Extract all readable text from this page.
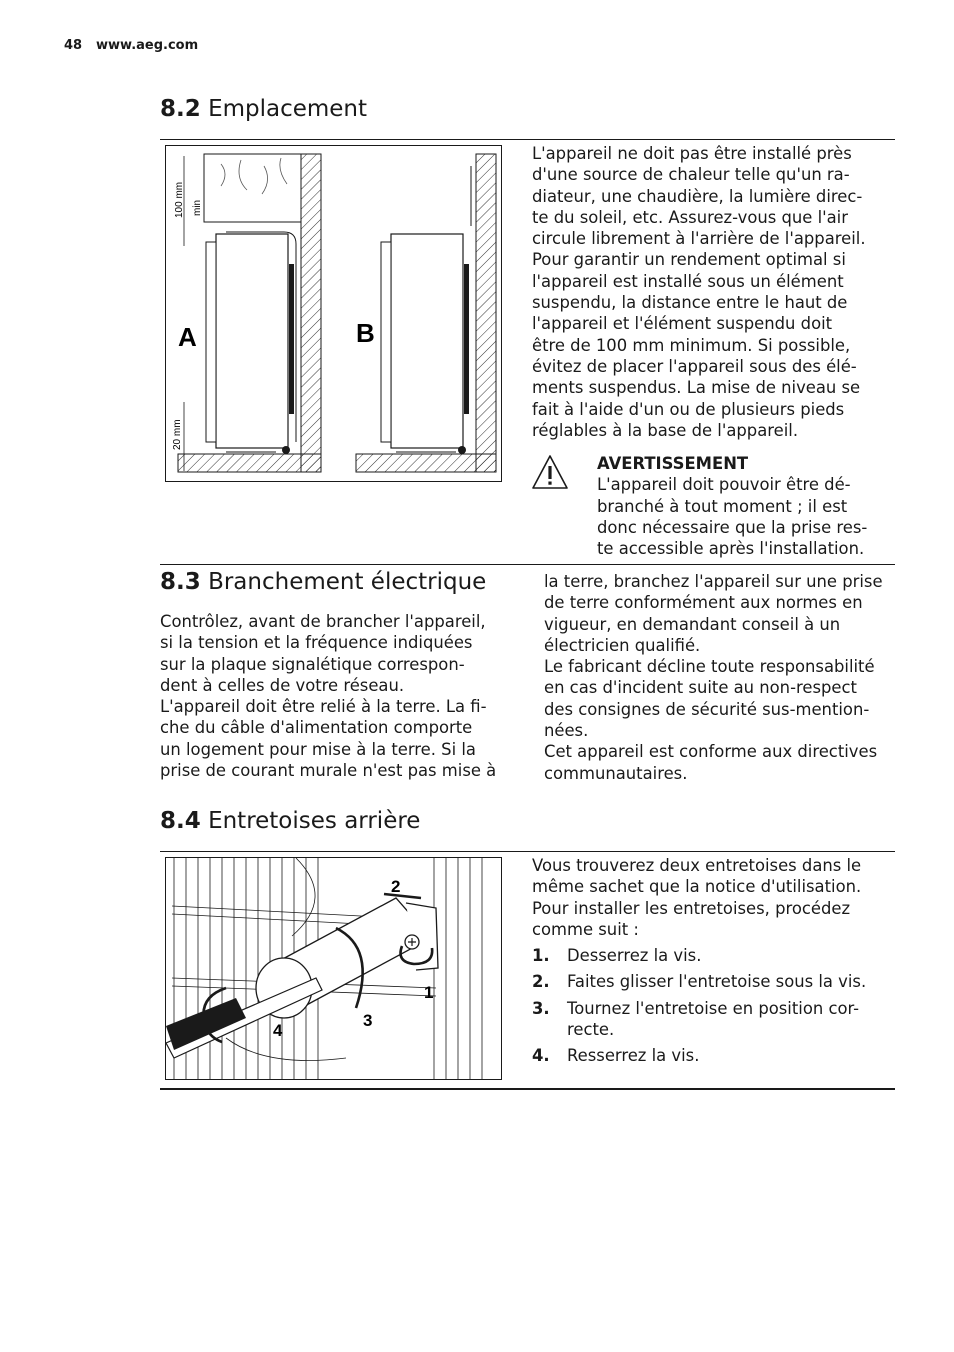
48 www.aeg.com
8.2 Emplacement
A	B
100 mm min
20 mm

L'appareil ne doit pas être installé près

d'une source de chaleur telle qu'un ra-

diateur, une chaudière, la lumière direc-

te du soleil, etc. Assurez-vous que l'air

circule librement à l'arrière de l'appareil.

Pour garantir un rendement optimal si

l'appareil est installé sous un élément

suspendu, la distance entre le haut de

l'appareil et l'élément suspendu doit

être de 100 mm minimum. Si possible,

évitez de placer l'appareil sous des élé-

ments suspendus. La mise de niveau se

fait à l'aide d'un ou de plusieurs pieds

réglables à la base de l'appareil.

AVERTISSEMENT

L'appareil doit pouvoir être dé-

branché à tout moment ; il est

donc nécessaire que la prise res-

te accessible après l'installation.

8.3 Branchement électrique

Contrôlez, avant de brancher l'appareil,

si la tension et la fréquence indiquées

sur la plaque signalétique correspon-

dent à celles de votre réseau.

L'appareil doit être relié à la terre. La fi-

che du câble d'alimentation comporte

un logement pour mise à la terre. Si la

prise de courant murale n'est pas mise à

la terre, branchez l'appareil sur une prise

de terre conformément aux normes en

vigueur, en demandant conseil à un

électricien qualifié.

Le fabricant décline toute responsabilité

en cas d'incident suite au non-respect

des consignes de sécurité sus-mention-

nées.

Cet appareil est conforme aux directives

communautaires.

8.4 Entretoises arrière
1
2
3
4

Vous trouverez deux entretoises dans le

même sachet que la notice d'utilisation.

Pour installer les entretoises, procédez

comme suit :

1. Desserrez la vis.
2. Faites glisser l'entretoise sous la vis.
3. Tournez l'entretoise en position cor-
recte.
4. Resserrez la vis.
